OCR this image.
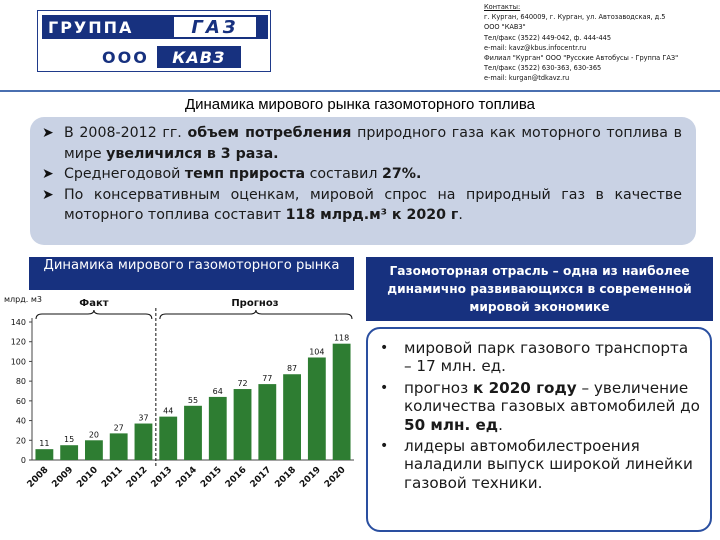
ГРУППА	ГАЗ
ООО	КАВЗ
Контакты:
г. Курган, 640009, г. Курган, ул. Автозаводская, д.5
ООО "КАВЗ"
Тел/факс (3522) 449-042, ф. 444-445
e-mail: kavz@kbus.infocentr.ru
Филиал "Курган" ООО "Русские Автобусы - Группа ГАЗ"
Тел/факс (3522) 630-363, 630-365
e-mail: kurgan@tdkavz.ru
Динамика мирового рынка газомоторного топлива
➤ В 2008-2012 гг. объем потребления природного газа как моторного топлива в мире увеличился в 3 раза.
➤ Среднегодовой темп прироста составил 27%.
➤ По консервативным оценкам, мировой спрос на природный газ в качестве моторного топлива составит 118 млрд.м³ к 2020 г.
Динамика мирового газомоторного рынка
млрд. м3
0
20
40
60
80
100
120
140
11
2008
15
2009
20
2010
27
2011
37
2012
44
2013
55
2014
64
2015
72
2016
77
2017
87
2018
104
2019
118
2020
Факт	Прогноз
Газомоторная отрасль – одна из наиболее динамично развивающихся в современной мировой экономике
•	мировой парк газового транспорта – 17 млн. ед.
•	прогноз к 2020 году – увеличение количества газовых автомобилей до 50 млн. ед.
•	лидеры автомобилестроения наладили выпуск широкой линейки газовой техники.
